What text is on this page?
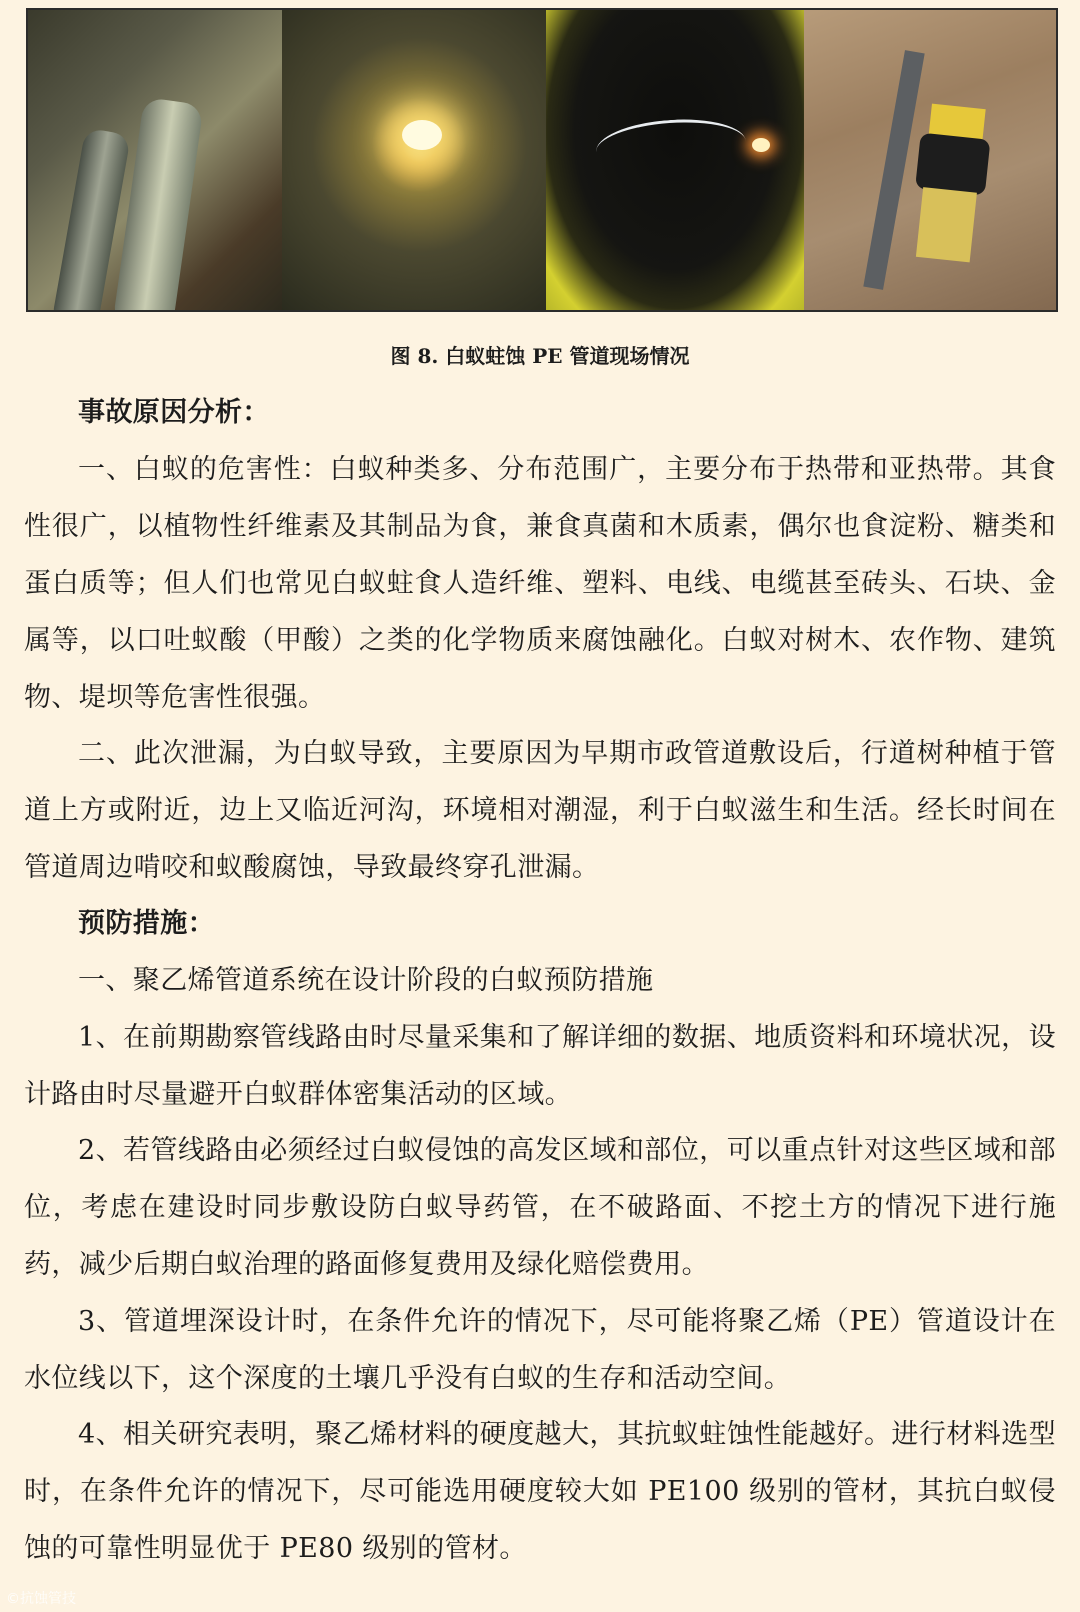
图 8. 白蚁蛀蚀 PE 管道现场情况

事故原因分析：

一、白蚁的危害性：白蚁种类多、分布范围广，主要分布于热带和亚热带。其食性很广，以植物性纤维素及其制品为食，兼食真菌和木质素，偶尔也食淀粉、糖类和蛋白质等；但人们也常见白蚁蛀食人造纤维、塑料、电线、电缆甚至砖头、石块、金属等，以口吐蚁酸（甲酸）之类的化学物质来腐蚀融化。白蚁对树木、农作物、建筑物、堤坝等危害性很强。

二、此次泄漏，为白蚁导致，主要原因为早期市政管道敷设后，行道树种植于管道上方或附近，边上又临近河沟，环境相对潮湿，利于白蚁滋生和生活。经长时间在管道周边啃咬和蚁酸腐蚀，导致最终穿孔泄漏。

预防措施：

一、聚乙烯管道系统在设计阶段的白蚁预防措施

1、在前期勘察管线路由时尽量采集和了解详细的数据、地质资料和环境状况，设计路由时尽量避开白蚁群体密集活动的区域。

2、若管线路由必须经过白蚁侵蚀的高发区域和部位，可以重点针对这些区域和部位，考虑在建设时同步敷设防白蚁导药管，在不破路面、不挖土方的情况下进行施药，减少后期白蚁治理的路面修复费用及绿化赔偿费用。

3、管道埋深设计时，在条件允许的情况下，尽可能将聚乙烯（PE）管道设计在水位线以下，这个深度的土壤几乎没有白蚁的生存和活动空间。

4、相关研究表明，聚乙烯材料的硬度越大，其抗蚁蛀蚀性能越好。进行材料选型时，在条件允许的情况下，尽可能选用硬度较大如 PE100 级别的管材，其抗白蚁侵蚀的可靠性明显优于 PE80 级别的管材。

©抗蚀管技
